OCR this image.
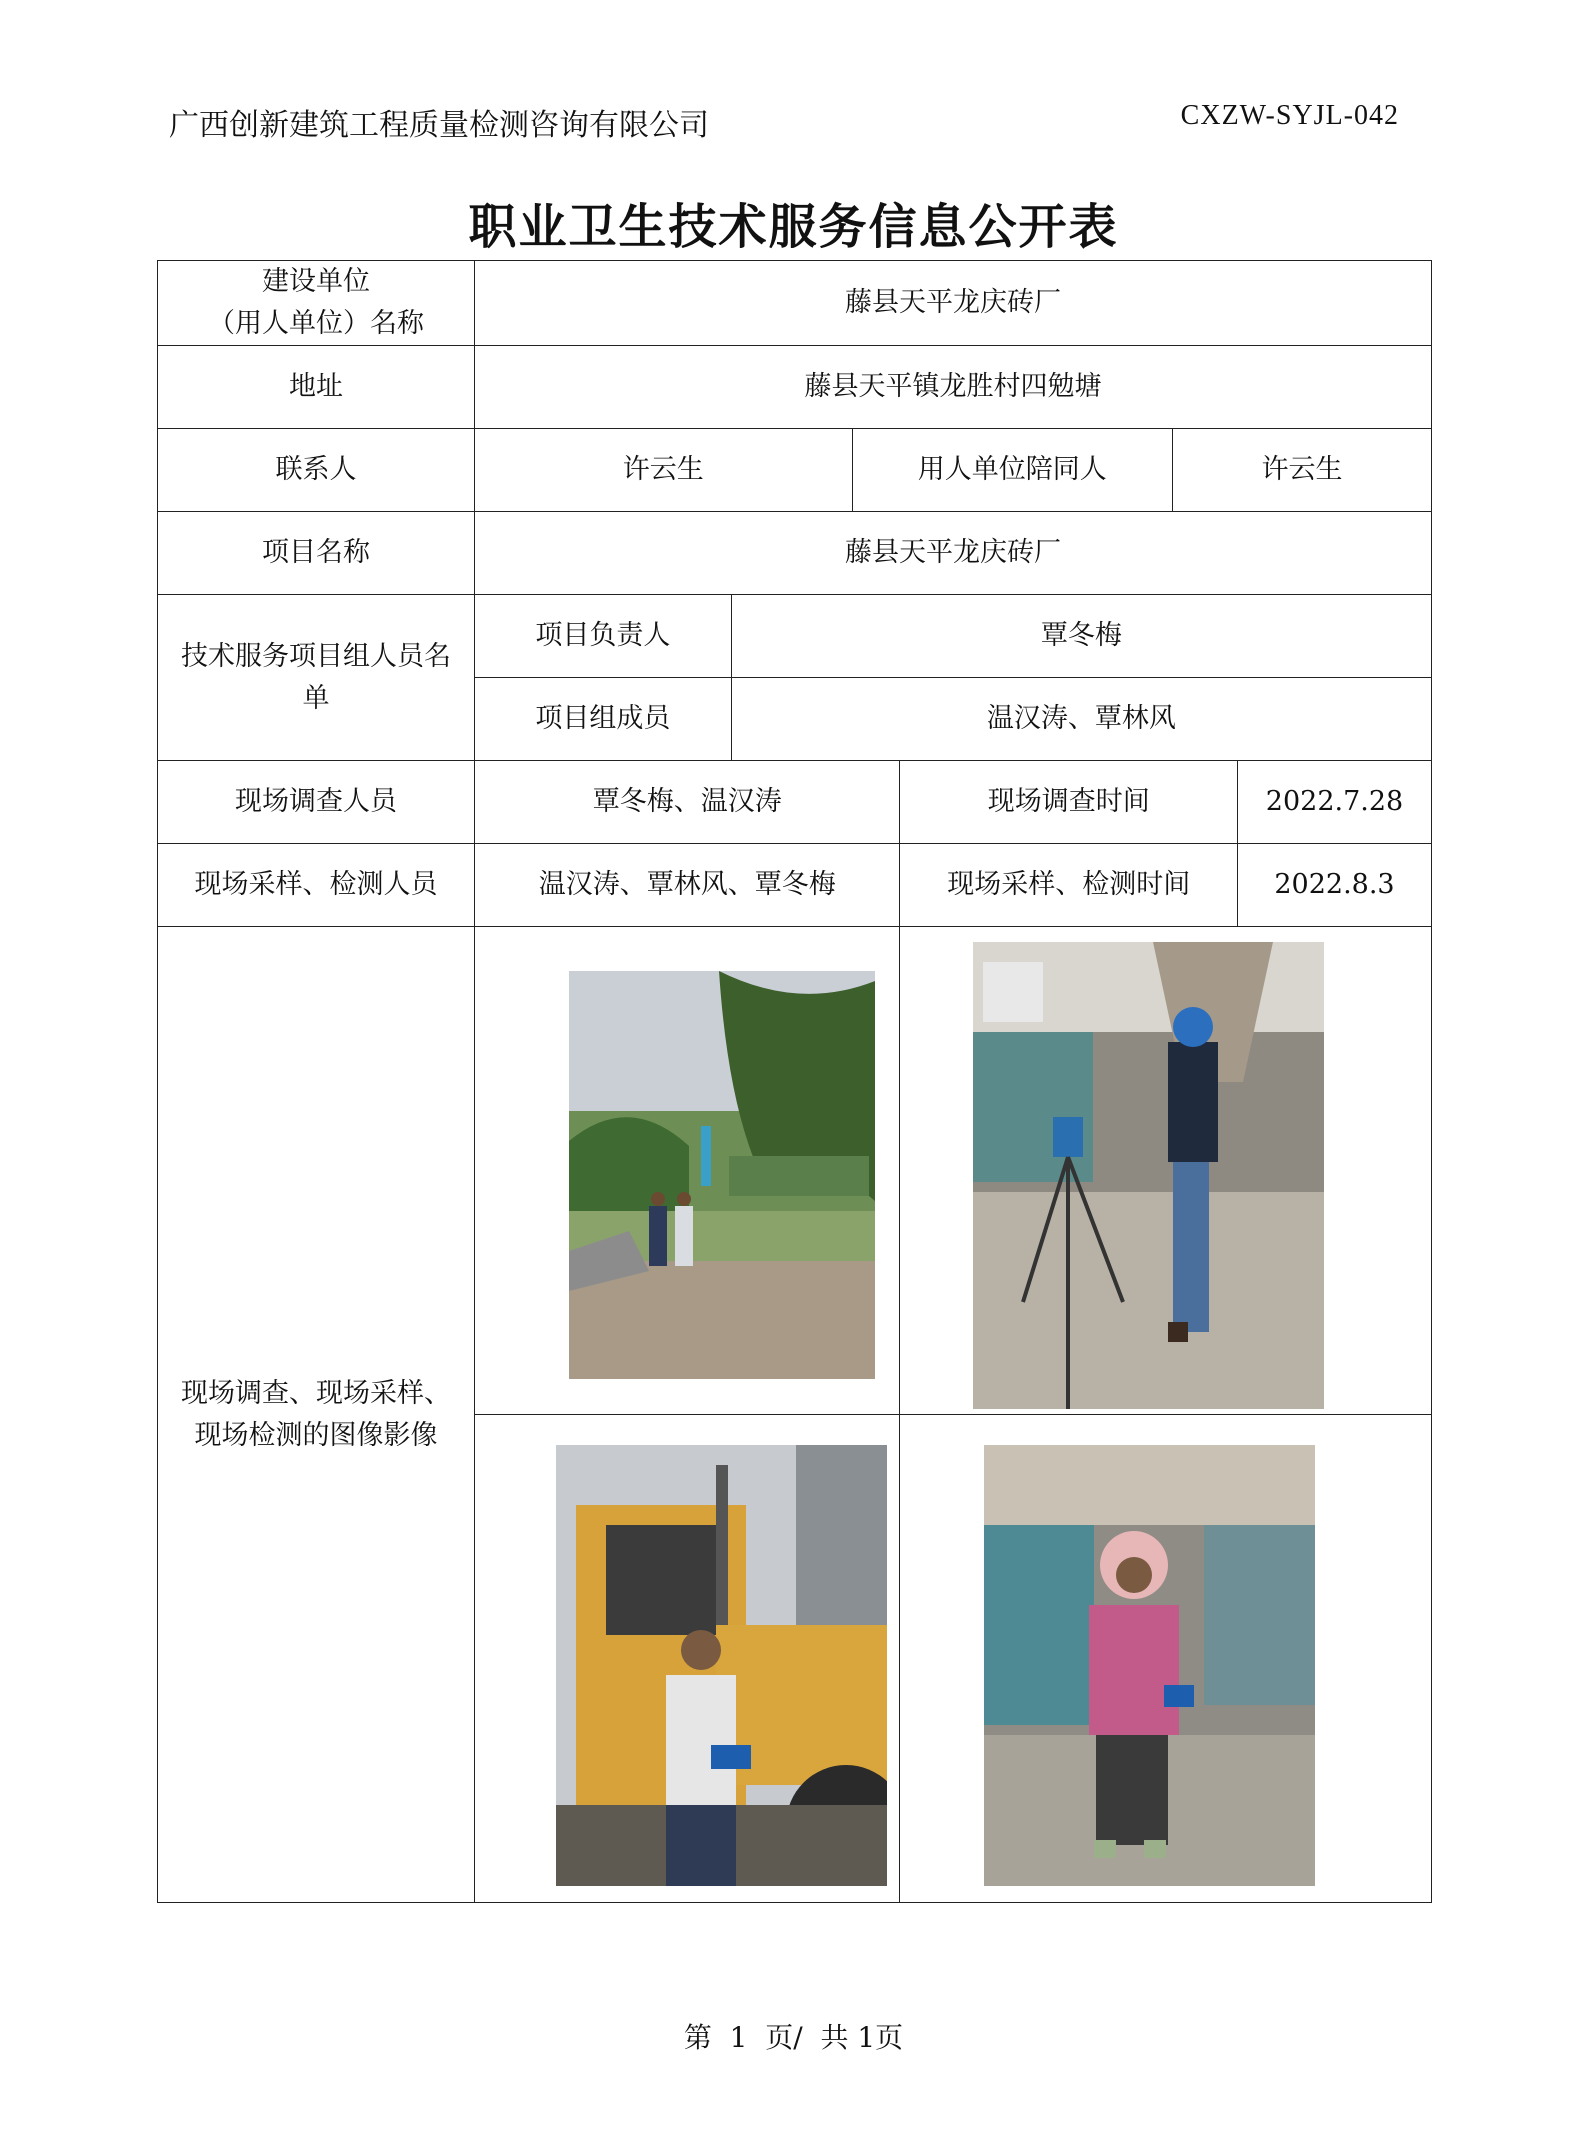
广西创新建筑工程质量检测咨询有限公司	CXZW-SYJL-042
职业卫生技术服务信息公开表
建设单位
（用人单位）名称	藤县天平龙庆砖厂					
地址	藤县天平镇龙胜村四勉塘					
联系人	许云生		用人单位陪同人		许云生	
项目名称	藤县天平龙庆砖厂					

技术服务项目组人员名单	项目负责人	覃冬梅				
	项目组成员	温汉涛、覃林风				
现场调查人员	覃冬梅、温汉涛			现场调查时间		2022.7.28
现场采样、检测人员	温汉涛、覃林风、覃冬梅			现场采样、检测时间		2022.8.3

现场调查、现场采样、现场检测的图像影像

第  1  页/  共 1页
